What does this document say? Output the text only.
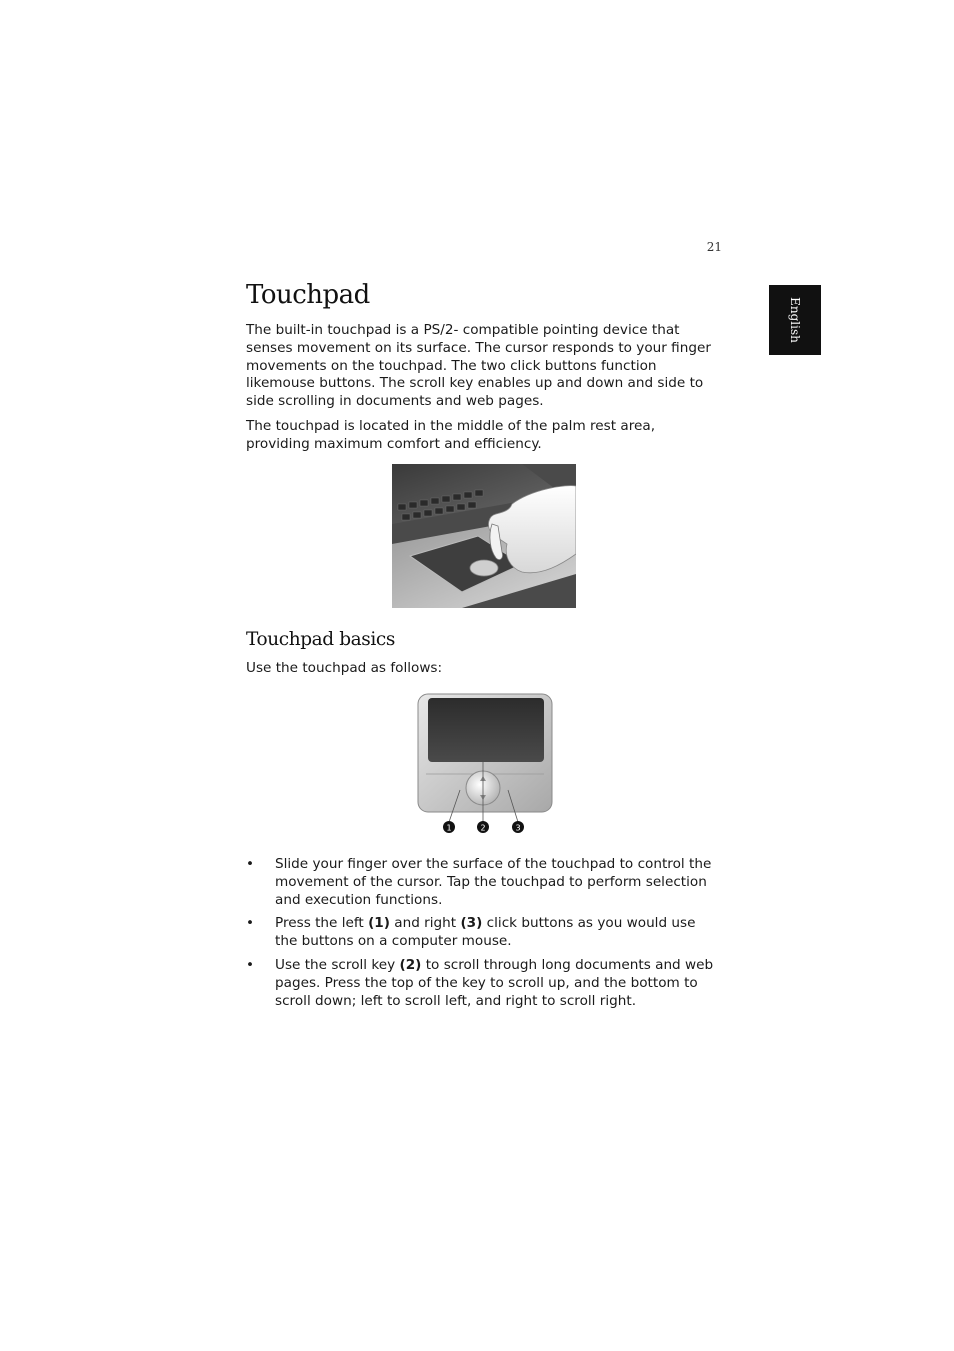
21
English
Touchpad

The built-in touchpad is a PS/2- compatible pointing device that senses movement on its surface. The cursor responds to your finger movements on the touchpad. The two click buttons function likemouse buttons. The scroll key enables up and down and side to side scrolling in documents and web pages.

The touchpad is located in the middle of the palm rest area, providing maximum comfort and efficiency.

Touchpad basics

Use the touchpad as follows:

1	2	3
• Slide your finger over the surface of the touchpad to control the movement of the cursor. Tap the touchpad to perform selection and execution functions.
• Press the left (1) and right (3) click buttons as you would use the buttons on a computer mouse.
• Use the scroll key (2) to scroll through long documents and web pages. Press the top of the key to scroll up, and the bottom to scroll down; left to scroll left, and right to scroll right.
